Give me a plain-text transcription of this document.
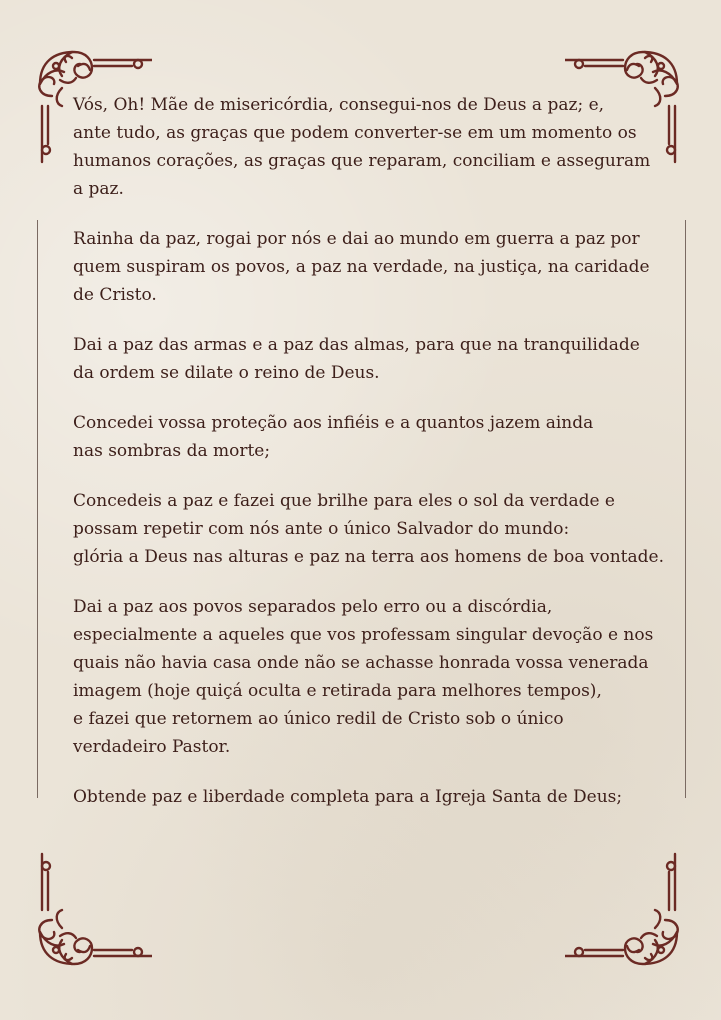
Vós, Oh! Mãe de misericórdia, consegui-nos de Deus a paz; e,
ante tudo, as graças que podem converter-se em um momento os
humanos corações, as graças que reparam, conciliam e asseguram
a paz.

Rainha da paz, rogai por nós e dai ao mundo em guerra a paz por
quem suspiram os povos, a paz na verdade, na justiça, na caridade
de Cristo.

Dai a paz das armas e a paz das almas, para que na tranquilidade
da ordem se dilate o reino de Deus.

Concedei vossa proteção aos infiéis e a quantos jazem ainda
nas sombras da morte;

Concedeis a paz e fazei que brilhe para eles o sol da verdade e
possam repetir com nós ante o único Salvador do mundo:
glória a Deus nas alturas e paz na terra aos homens de boa vontade.

Dai a paz aos povos separados pelo erro ou a discórdia,
especialmente a aqueles que vos professam singular devoção e nos
quais não havia casa onde não se achasse honrada vossa venerada
imagem (hoje quiçá oculta e retirada para melhores tempos),
e fazei que retornem ao único redil de Cristo sob o único
verdadeiro Pastor.

Obtende paz e liberdade completa para a Igreja Santa de Deus;
